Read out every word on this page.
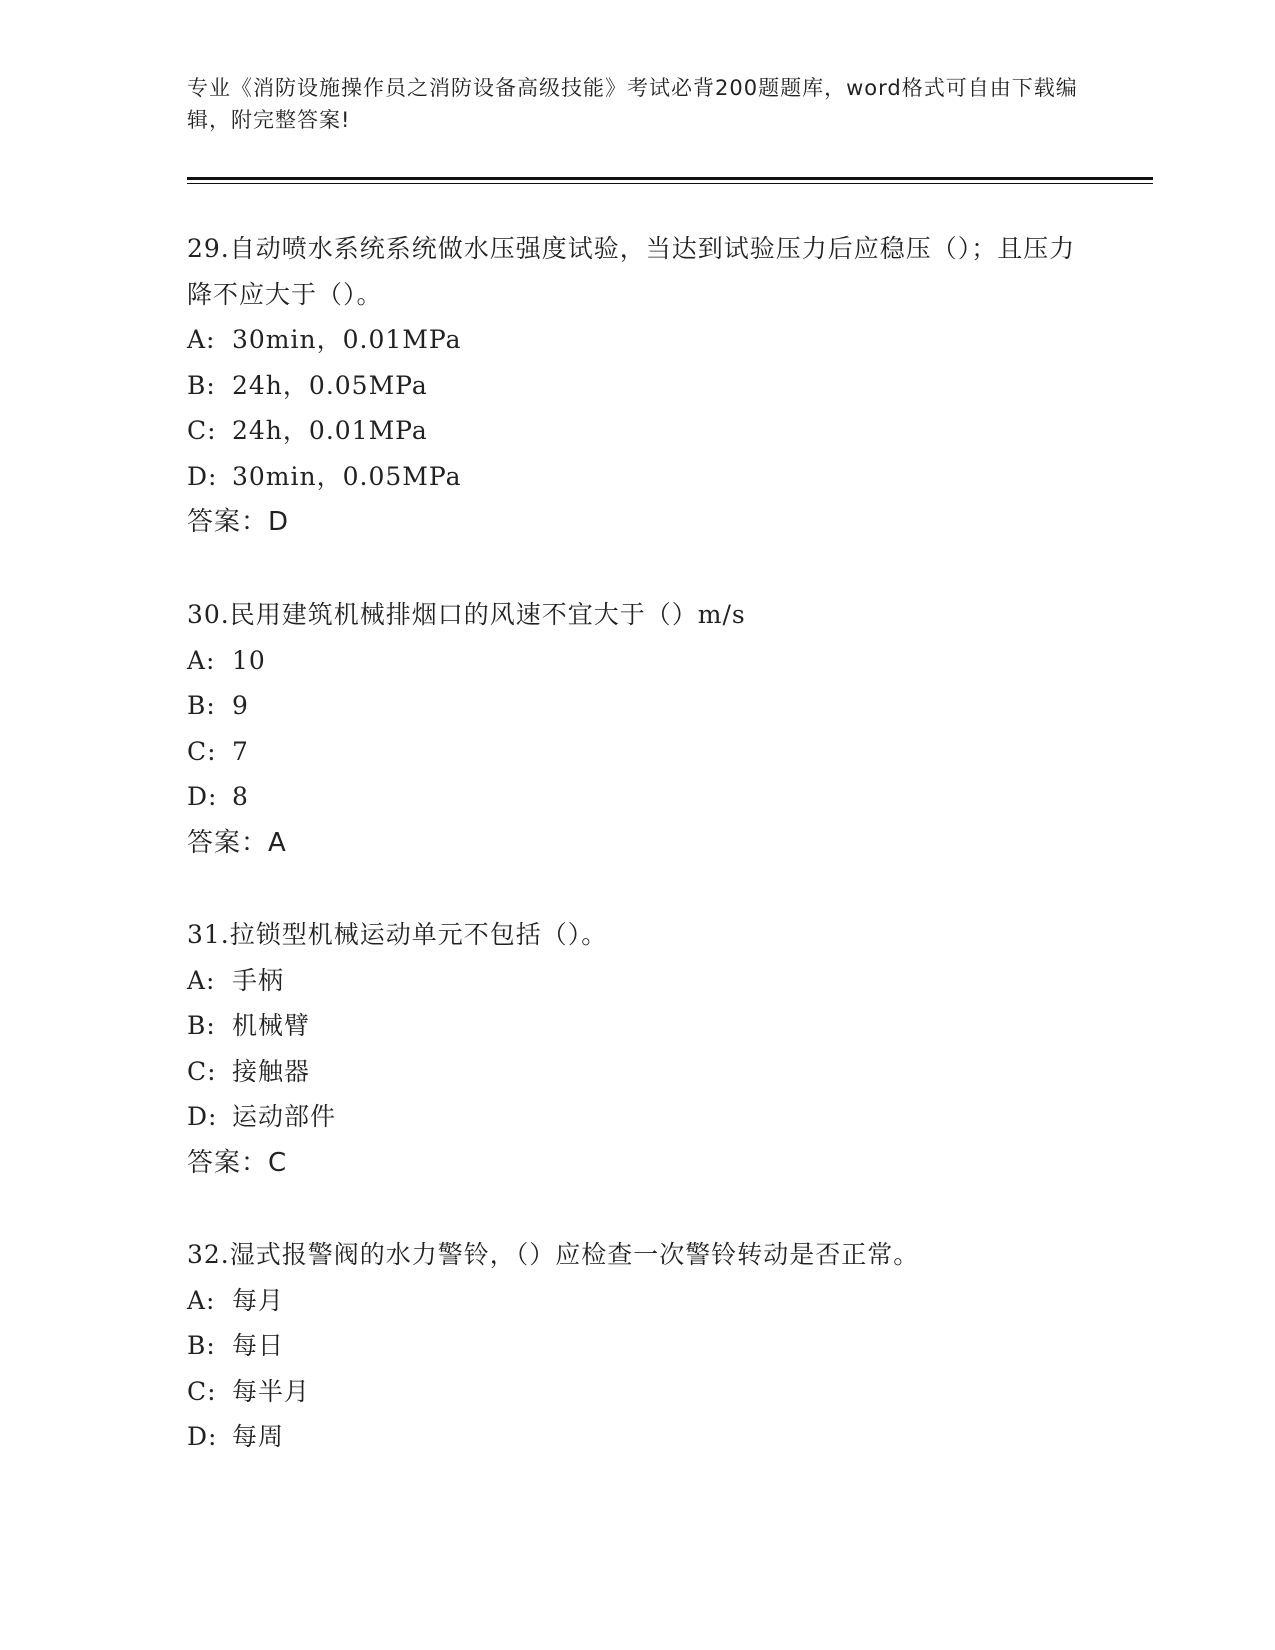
专业《消防设施操作员之消防设备高级技能》考试必背200题题库，word格式可自由下载编辑，附完整答案!
29.自动喷水系统系统做水压强度试验，当达到试验压力后应稳压（）；且压力降不应大于（）。
A: 30min，0.01MPa
B: 24h，0.05MPa
C: 24h，0.01MPa
D: 30min，0.05MPa
答案：D
30.民用建筑机械排烟口的风速不宜大于（）m/s
A: 10
B: 9
C: 7
D: 8
答案：A
31.拉锁型机械运动单元不包括（）。
A: 手柄
B: 机械臂
C: 接触器
D: 运动部件
答案：C
32.湿式报警阀的水力警铃，（）应检查一次警铃转动是否正常。
A: 每月
B: 每日
C: 每半月
D: 每周
